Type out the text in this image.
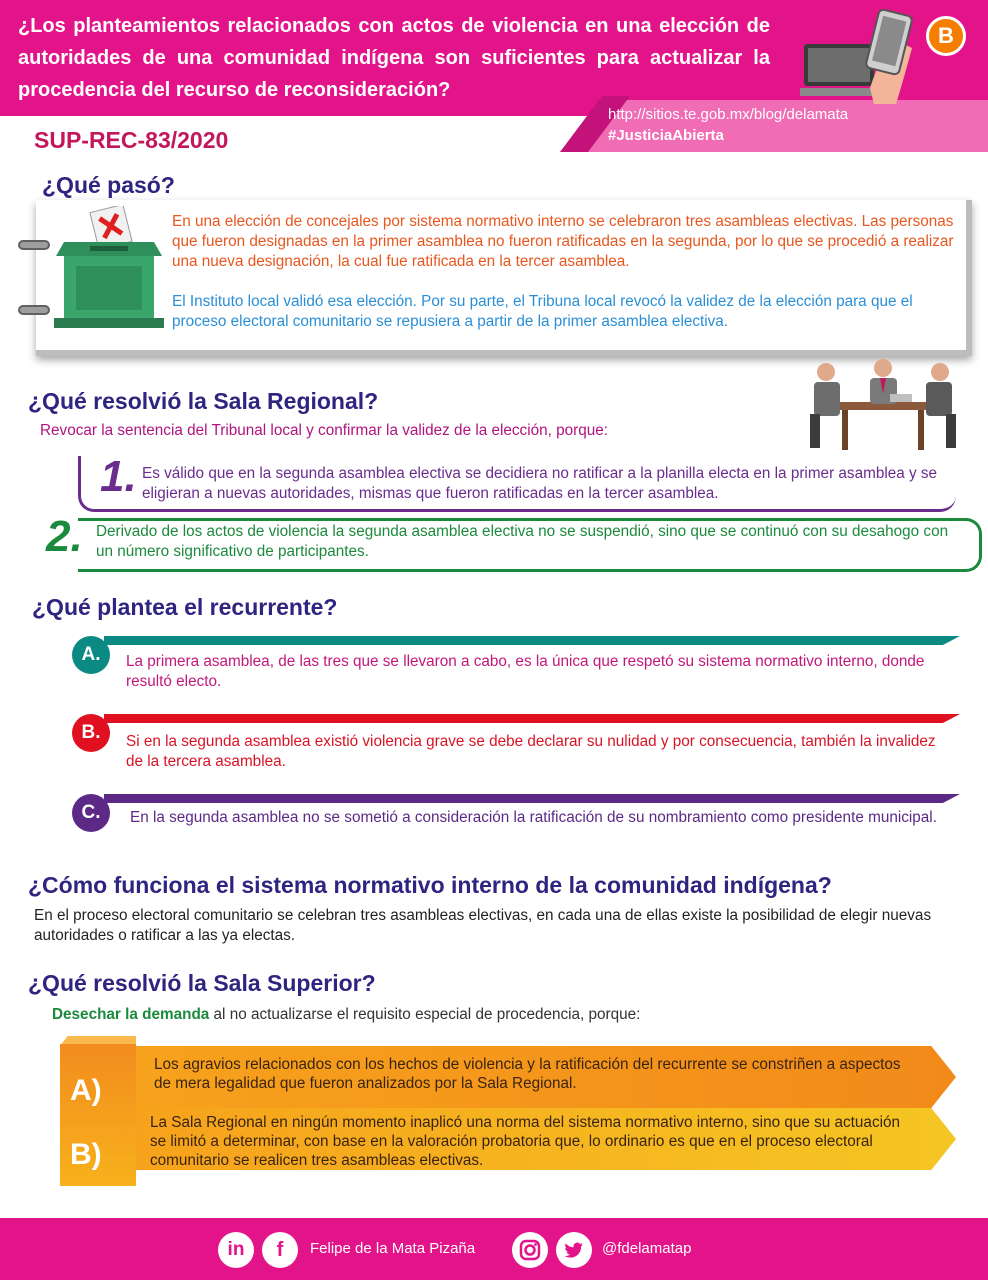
¿Los planteamientos relacionados con actos de violencia en una elección de autoridades de una comunidad indígena son suficientes para actualizar la procedencia del recurso de reconsideración?
B
http://sitios.te.gob.mx/blog/delamata
#JusticiaAbierta
SUP-REC-83/2020
¿Qué pasó?
En una elección de concejales por sistema normativo interno se celebraron tres asambleas electivas. Las personas que fueron designadas en la primer asamblea no fueron ratificadas en la segunda, por lo que se procedió a realizar una nueva designación, la cual fue ratificada en la tercer asamblea.
El Instituto local validó esa elección. Por su parte, el Tribuna local revocó la validez de la elección para que el proceso electoral comunitario se repusiera a partir de la primer asamblea electiva.
¿Qué resolvió la Sala Regional?
Revocar la sentencia del Tribunal local y confirmar la validez de la elección, porque:
1. Es válido que en la segunda asamblea electiva se decidiera no ratificar a la planilla electa en la primer asamblea y se eligieran a nuevas autoridades, mismas que fueron ratificadas en la tercer asamblea.
2. Derivado de los actos de violencia la segunda asamblea electiva no se suspendió, sino que se continuó con su desahogo con un número significativo de participantes.
¿Qué plantea el recurrente?
A.	La primera asamblea, de las tres que se llevaron a cabo, es la única que respetó su sistema normativo interno, donde resultó electo.
B.	Si en la segunda asamblea existió violencia grave se debe declarar su nulidad y por consecuencia, también la invalidez de la tercera asamblea.
C.	En la segunda asamblea no se sometió a consideración la ratificación de su nombramiento como presidente municipal.
¿Cómo funciona el sistema normativo interno de la comunidad indígena?
En el proceso electoral comunitario se celebran tres asambleas electivas, en cada una de ellas existe la posibilidad de elegir nuevas autoridades o ratificar a las ya electas.
¿Qué resolvió la Sala Superior?
Desechar la demanda al no actualizarse el requisito especial de procedencia, porque:
A)
B)
Los agravios relacionados con los hechos de violencia y la ratificación del recurrente se constriñen a aspectos de mera legalidad que fueron analizados por la Sala Regional.
La Sala Regional en ningún momento inaplicó una norma del sistema normativo interno, sino que su actuación se limitó a determinar, con base en la valoración probatoria que, lo ordinario es que en el proceso electoral comunitario se realicen tres asambleas electivas.
in	f	Felipe de la Mata Pizaña	@fdelamatap
